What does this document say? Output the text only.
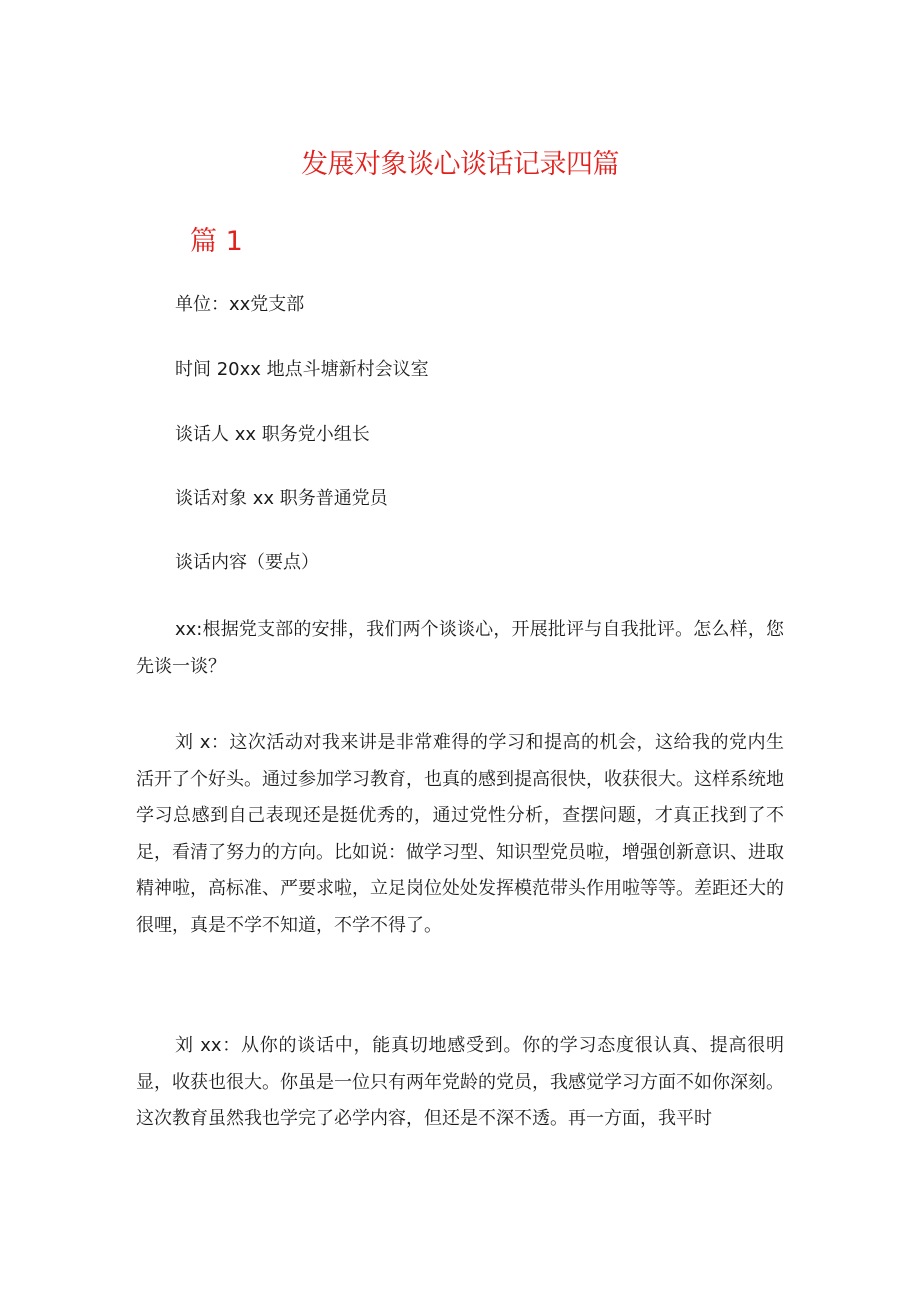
发展对象谈心谈话记录四篇
篇 1
单位：xx党支部
时间 20xx 地点斗塘新村会议室
谈话人 xx 职务党小组长
谈话对象 xx 职务普通党员
谈话内容（要点）

xx:根据党支部的安排，我们两个谈谈心，开展批评与自我批评。怎么样，您先谈一谈？

刘 x：这次活动对我来讲是非常难得的学习和提高的机会，这给我的党内生活开了个好头。通过参加学习教育，也真的感到提高很快，收获很大。这样系统地学习总感到自己表现还是挺优秀的，通过党性分析，查摆问题，才真正找到了不足，看清了努力的方向。比如说：做学习型、知识型党员啦，增强创新意识、进取精神啦，高标准、严要求啦，立足岗位处处发挥模范带头作用啦等等。差距还大的很哩，真是不学不知道，不学不得了。

刘 xx：从你的谈话中，能真切地感受到。你的学习态度很认真、提高很明显，收获也很大。你虽是一位只有两年党龄的党员，我感觉学习方面不如你深刻。这次教育虽然我也学完了必学内容，但还是不深不透。再一方面，我平时
